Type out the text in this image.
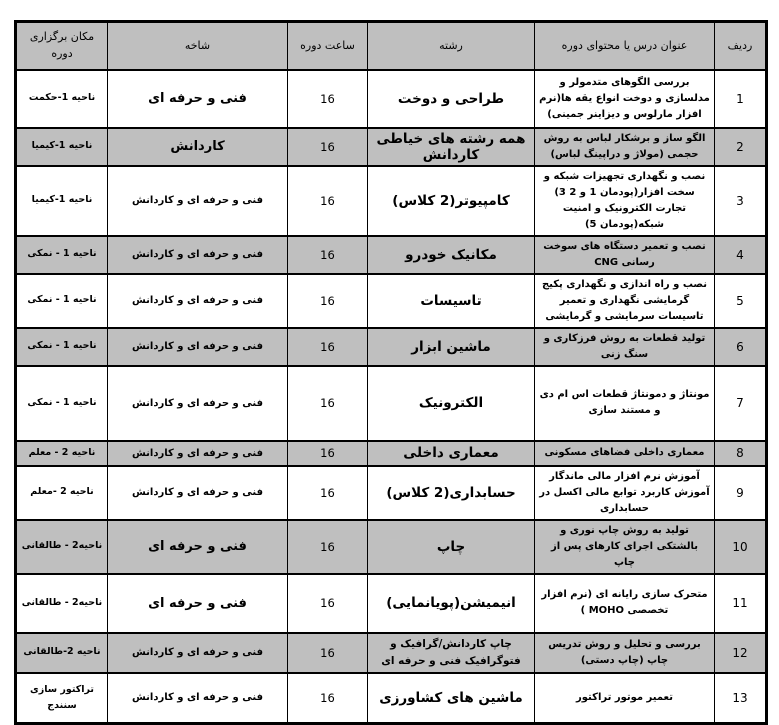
ردیف	عنوان درس یا محتوای دوره	رشته	ساعت دوره	شاخه	مکان برگزاری دوره
1	بررسی الگوهای متدمولر و مدلسازی و دوخت انواع یقه ها(نرم افزار مارلوس و دیزاینر جمینی)	طراحی و دوخت	16	فنی و حرفه ای	ناحیه 1-حکمت
2	الگو ساز و برشکار لباس به روش حجمی (مولاژ و دراپینگ لباس)	همه رشته های خیاطی کاردانش	16	کاردانش	ناحیه 1-کیمیا
3	نصب و نگهداری تجهیزات شبکه و سخت افزار(پودمان 1 و 2 3) تجارت الکترونیک و امنیت شبکه(پودمان 5)	کامپیوتر(2 کلاس)	16	فنی و حرفه ای و کاردانش	ناحیه 1-کیمیا
4	نصب و تعمیر دستگاه های سوخت رسانی CNG	مکانیک خودرو	16	فنی و حرفه ای و کاردانش	ناحیه 1 - نمکی
5	نصب و راه اندازی و نگهداری پکیج گرمایشی نگهداری و تعمیر تاسیسات سرمایشی و گرمایشی	تاسیسات	16	فنی و حرفه ای و کاردانش	ناحیه 1 - نمکی
6	تولید قطعات به روش فرزکاری و سنگ زنی	ماشین ابزار	16	فنی و حرفه ای و کاردانش	ناحیه 1 - نمکی
7	مونتاژ و دمونتاژ قطعات اس ام دی و مستند سازی	الکترونیک	16	فنی و حرفه ای و کاردانش	ناحیه 1 - نمکی
8	معماری داخلی فضاهای مسکونی	معماری داخلی	16	فنی و حرفه ای و کاردانش	ناحیه 2 - معلم
9	آموزش نرم افزار مالی ماندگار آموزش کاربرد توابع مالی اکسل در حسابداری	حسابداری(2 کلاس)	16	فنی و حرفه ای و کاردانش	ناحیه 2 -معلم
10	تولید به روش چاپ نوری و بالشتکی اجرای کارهای پس از چاپ	چاپ	16	فنی و حرفه ای	ناحیه2 - طالقانی
11	متحرک سازی رایانه ای (نرم افزار تخصصی MOHO )	انیمیشن(پویانمایی)	16	فنی و حرفه ای	ناحیه2 - طالقانی
12	بررسی و تحلیل و روش تدریس چاپ (چاپ دستی)	چاپ کاردانش/گرافیک و فتوگرافیک فنی و حرفه ای	16	فنی و حرفه ای و کاردانش	ناحیه 2-طالقانی
13	تعمیر موتور تراکتور	ماشین های کشاورزی	16	فنی و حرفه ای و کاردانش	تراکتور سازی سنندج
